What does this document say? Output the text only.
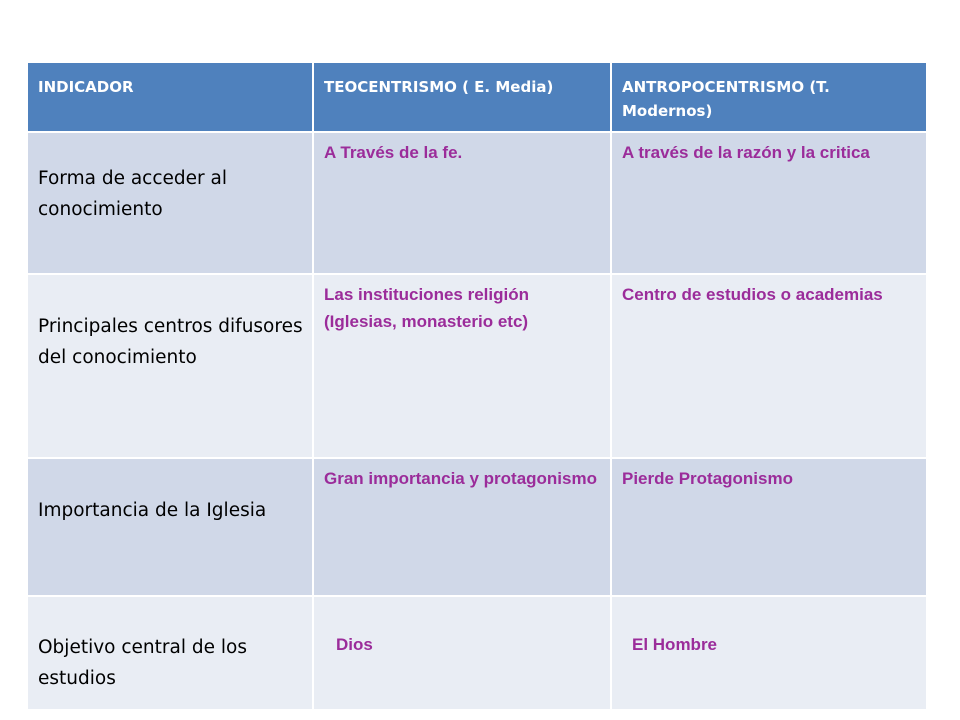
INDICADOR	TEOCENTRISMO ( E. Media)	ANTROPOCENTRISMO (T. Modernos)

Forma de acceder al conocimiento	A Través de la fe.	A través de la razón y la critica

Principales centros difusores del conocimiento	Las instituciones religión (Iglesias, monasterio etc)	Centro de estudios o academias

Importancia de la Iglesia	Gran importancia y protagonismo	Pierde Protagonismo

Objetivo central de los estudios	Dios	El Hombre
